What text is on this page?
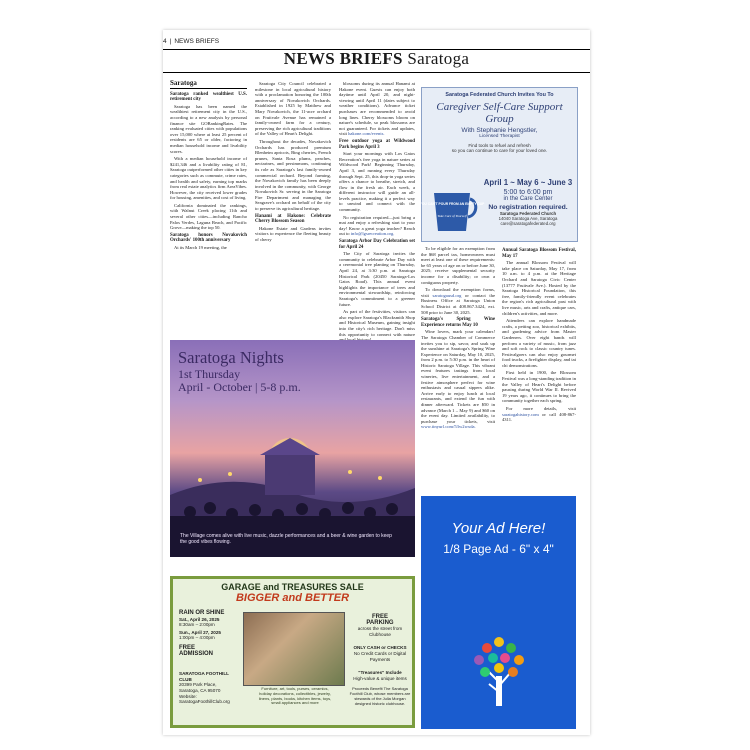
4 | NEWS BRIEFS
NEWS BRIEFS Saratoga
Saratoga
Saratoga ranked wealthiest U.S. retirement city

Saratoga has been named the wealthiest retirement city in the U.S., according to a new analysis by personal finance site GOBankingRates. The ranking evaluated cities with populations over 15,000 where at least 25 percent of residents are 65 or older, factoring in median household income and livability scores.

With a median household income of $241,346 and a livability rating of 81, Saratoga outperformed other cities in key categories such as commute, crime rates, and health and safety, earning top marks from real estate analytics firm AreaVibes. However, the city received lower grades for housing, amenities, and cost of living.

California dominated the rankings, with Walnut Creek placing 11th and several other cities—including Rancho Palos Verdes, Laguna Beach, and Pacific Grove—making the top 50.

Saratoga honors Novakovich Orchards' 100th anniversary

At its March 19 meeting, the

Saratoga City Council celebrated a milestone in local agricultural history with a proclamation honoring the 100th anniversary of Novakovich Orchards. Established in 1925 by Matthew and Mary Novakovich, the 11-acre orchard on Fruitvale Avenue has remained a family-owned farm for a century, preserving the rich agricultural traditions of the Valley of Heart's Delight.

Throughout the decades, Novakovich Orchards has produced premium Blenheim apricots, Bing cherries, French prunes, Santa Rosa plums, peaches, nectarines, and persimmons, continuing its role as Saratoga's last family-owned commercial orchard. Beyond farming, the Novakovich family has been deeply involved in the community, with George Novakovich Sr. serving in the Saratoga Fire Department and managing the Seagrave's orchard on behalf of the city to preserve its agricultural heritage.

Hanami at Hakone: Celebrate Cherry Blossom Season

Hakone Estate and Gardens invites visitors to experience the fleeting beauty of cherry

blossoms during its annual Hanami at Hakone event. Guests can enjoy both daytime until April 20, and night-viewing until April 11 (dates subject to weather conditions). Advance ticket purchases are recommended to avoid long lines. Cherry blossoms bloom on nature's schedule, so peak blossoms are not guaranteed. For tickets and updates, visit hakone.com/events.

Free outdoor yoga at Wildwood Park begins April 3

Start your mornings with Los Gatos Recreation's free yoga in nature series at Wildwood Park! Beginning Thursday, April 3, and running every Thursday through Sept. 25, this drop-in yoga series offers a chance to breathe, stretch, and flow in the fresh air. Each week, a different instructor will guide an all-levels practice, making it a perfect way to unwind and connect with the community.

No registration required—just bring a mat and enjoy a refreshing start to your day! Know a great yoga teacher? Reach out to info@lgsrecreation.org.

Saratoga Arbor Day Celebration set for April 24

The City of Saratoga invites the community to celebrate Arbor Day with a ceremonial tree planting on Thursday, April 24, at 3:30 p.m. at Saratoga Historical Park (20450 Saratoga-Los Gatos Road). This annual event highlights the importance of trees and environmental stewardship, reinforcing Saratoga's commitment to a greener future.

As part of the festivities, visitors can also explore Saratoga's Blacksmith Shop and Historical Museum, gaining insight into the city's rich heritage. Don't miss this opportunity to connect with nature

Saratoga Federated Church Invites You To
Caregiver Self-Care Support Group
With Stephanie Hengstler,
Licensed Therapist
Find tools to refuel and refresh
so you can continue to care for your loved one.
YOU CAN'T POUR FROM AN EMPTY CUP
Take Care of Yourself
April 1 ~ May 6 ~ June 3
5:00 to 6:00 pm
in the Care Center
No registration required.
Saratoga Federated Church
14040 Saratoga Ave, Saratoga
care@saratogafederated.org

To be eligible for an exemption from the $68 parcel tax, homeowners must meet at least one of these requirements: be 65 years of age on or before June 30, 2025; receive supplemental security income for a disability; or own a contiguous property.

To download the exemption forms, visit saratogausd.org or contact the Business Office at Saratoga Union School District at 408.867.3424, ext. 508 prior to June 30, 2025.

Saratoga's Spring Wine Experience returns May 10

Wine lovers, mark your calendars! The Saratoga Chamber of Commerce invites you to sip, savor, and soak up the sunshine at Saratoga's Spring Wine Experience on Saturday, May 10, 2025, from 2 p.m. to 5:30 p.m. in the heart of Historic Saratoga Village. This vibrant event features tastings from local wineries, live entertainment, and a festive atmosphere perfect for wine enthusiasts and casual sippers alike. Arrive early to enjoy lunch at local restaurants, and extend the fun with dinner afterward. Tickets are $50 in advance (March 1 – May 9) and $60 on the event day. Limited availability, to purchase your tickets, visit www.tinyurl.com/53w2wxda.

Annual Saratoga Blossom Festival, May 17

The annual Blossom Festival will take place on Saturday, May 17, from 10 a.m. to 4 p.m. at the Heritage Orchard and Saratoga Civic Center (13777 Fruitvale Ave.). Hosted by the Saratoga Historical Foundation, this free, family-friendly event celebrates the region's rich agricultural past with live music, arts and crafts, antique cars, children's activities, and more.

Attendees can explore handmade crafts, a petting zoo, historical exhibits, and gardening advice from Master Gardeners. Over eight bands will perform a variety of music, from jazz and soft rock to classic country tunes. Festivalgoers can also enjoy gourmet food trucks, a firefighter display, and tai chi demonstrations.

First held in 1900, the Blossom Festival was a long-standing tradition in the Valley of Heart's Delight before pausing during World War II. Revived 19 years ago, it continues to bring the community together each spring.

For more details, visit saratogahistory.com or call 408-867-4311.

Saratoga Nights
1st Thursday
April - October | 5-8 p.m.
The Village comes alive with live music, dazzle performances and a beer & wine garden to keep the good vibes flowing.
GARAGE and TREASURES SALE
BIGGER and BETTER
RAIN OR SHINE
Sat., April 26, 2025
8:30am – 2:00pm
Sun., April 27, 2025
1:00pm – 4:00pm
FREE
ADMISSION
SARATOGA FOOTHILL CLUB
20399 Park Place, Saratoga, CA 95070
Website: SaratogaFoothillClub.org
FREE
PARKING
across the street from Clubhouse
ONLY CASH or CHECKS
No Credit Cards or Digital Payments
"Treasures" Include
High-value & unique items
Proceeds Benefit The Saratoga Foothill Club, whose members are stewards of the Julia Morgan designed historic clubhouse.
Furniture, art, tools, purses, ceramics, holiday decorations, collectibles, jewelry, linens, plants, books, kitchen items, toys, small appliances and more
Your Ad Here!
1/8 Page Ad - 6" x 4"
